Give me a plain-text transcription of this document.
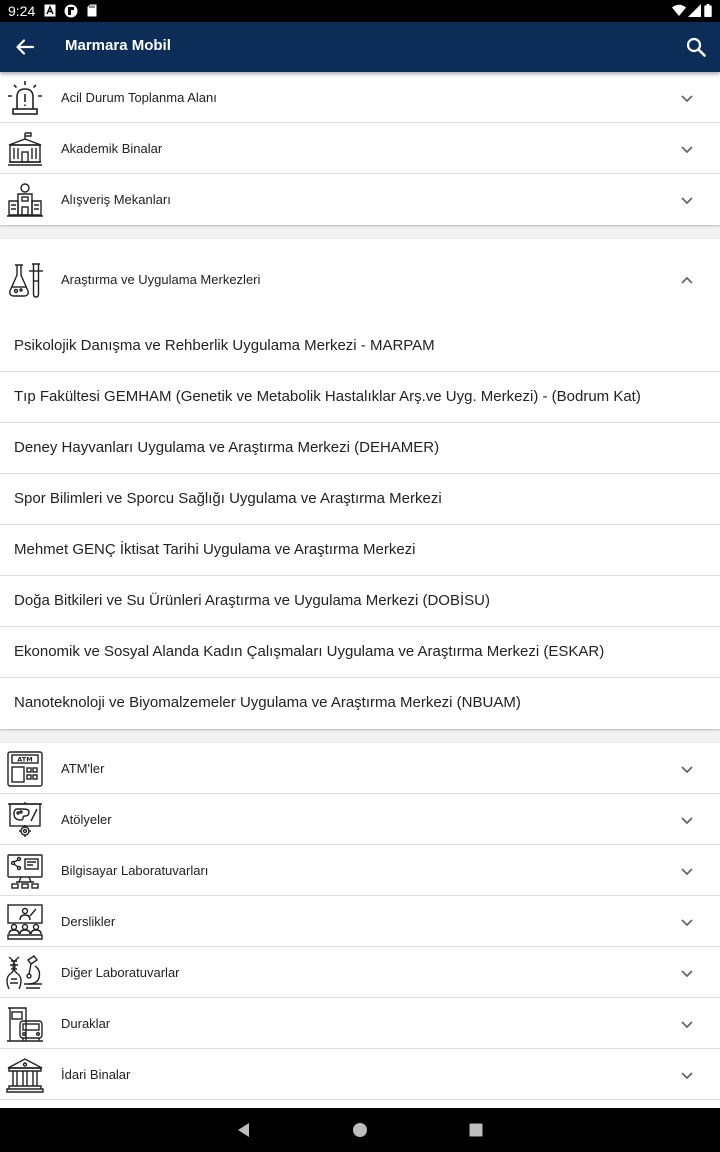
9:24
Marmara Mobil
Acil Durum Toplanma Alanı
Akademik Binalar
Alışveriş Mekanları
Araştırma ve Uygulama Merkezleri
Psikolojik Danışma ve Rehberlik Uygulama Merkezi - MARPAM
Tıp Fakültesi GEMHAM (Genetik ve Metabolik Hastalıklar Arş.ve Uyg. Merkezi) - (Bodrum Kat)
Deney Hayvanları Uygulama ve Araştırma Merkezi (DEHAMER)
Spor Bilimleri ve Sporcu Sağlığı Uygulama ve Araştırma Merkezi
Mehmet GENÇ İktisat Tarihi Uygulama ve Araştırma Merkezi
Doğa Bitkileri ve Su Ürünleri Araştırma ve Uygulama Merkezi (DOBİSU)
Ekonomik ve Sosyal Alanda Kadın Çalışmaları Uygulama ve Araştırma Merkezi (ESKAR)
Nanoteknoloji ve Biyomalzemeler Uygulama ve Araştırma Merkezi (NBUAM)
ATM
ATM'ler
Atölyeler
Bilgisayar Laboratuvarları
Derslikler
Diğer Laboratuvarlar
Duraklar
İdari Binalar
